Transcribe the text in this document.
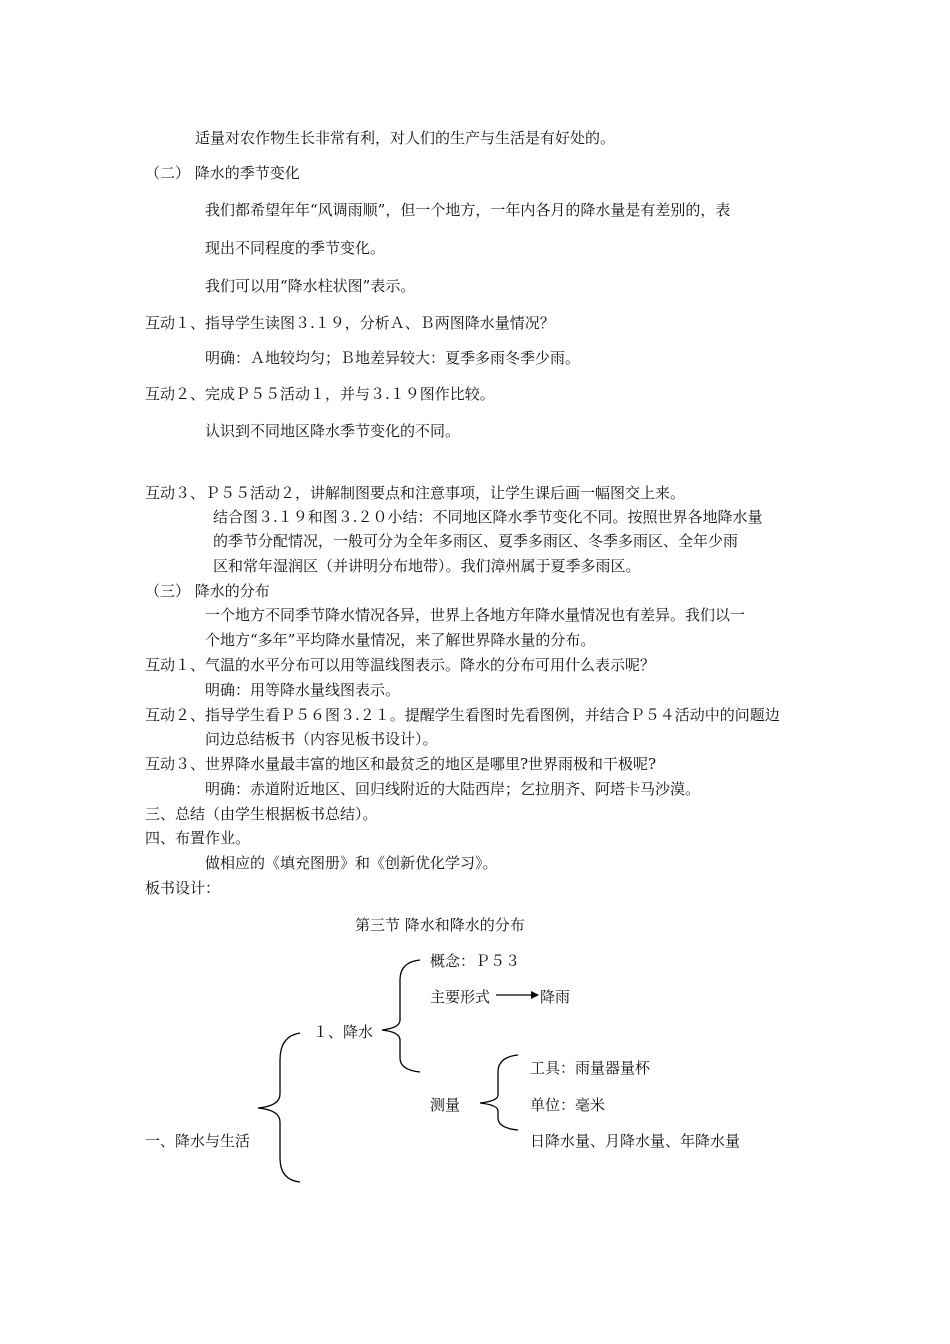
适量对农作物生长非常有利，对人们的生产与生活是有好处的。
（二） 降水的季节变化
我们都希望年年“风调雨顺”，但一个地方，一年内各月的降水量是有差别的，表
现出不同程度的季节变化。
我们可以用“降水柱状图”表示。
互动１、指导学生读图３.１９，分析Ａ、Ｂ两图降水量情况？
明确：Ａ地较均匀；Ｂ地差异较大：夏季多雨冬季少雨。
互动２、完成Ｐ５５活动１，并与３.１９图作比较。
认识到不同地区降水季节变化的不同。
互动３、Ｐ５５活动２，讲解制图要点和注意事项，让学生课后画一幅图交上来。
结合图３.１９和图３.２０小结：不同地区降水季节变化不同。按照世界各地降水量
的季节分配情况，一般可分为全年多雨区、夏季多雨区、冬季多雨区、全年少雨
区和常年湿润区（并讲明分布地带）。我们漳州属于夏季多雨区。
（三） 降水的分布
一个地方不同季节降水情况各异，世界上各地方年降水量情况也有差异。我们以一
个地方“多年”平均降水量情况，来了解世界降水量的分布。
互动１、气温的水平分布可以用等温线图表示。降水的分布可用什么表示呢？
明确：用等降水量线图表示。
互动２、指导学生看Ｐ５６图３.２１。提醒学生看图时先看图例，并结合Ｐ５４活动中的问题边
问边总结板书（内容见板书设计）。
互动３、世界降水量最丰富的地区和最贫乏的地区是哪里?世界雨极和干极呢?
明确：赤道附近地区、回归线附近的大陆西岸；乞拉朋齐、阿塔卡马沙漠。
三、总结（由学生根据板书总结）。
四、布置作业。
做相应的《填充图册》和《创新优化学习》。
板书设计：
第三节 降水和降水的分布
概念：Ｐ５３
主要形式	降雨
１、降水
工具：雨量器量杯
测量	单位：毫米
一、降水与生活	日降水量、月降水量、年降水量
